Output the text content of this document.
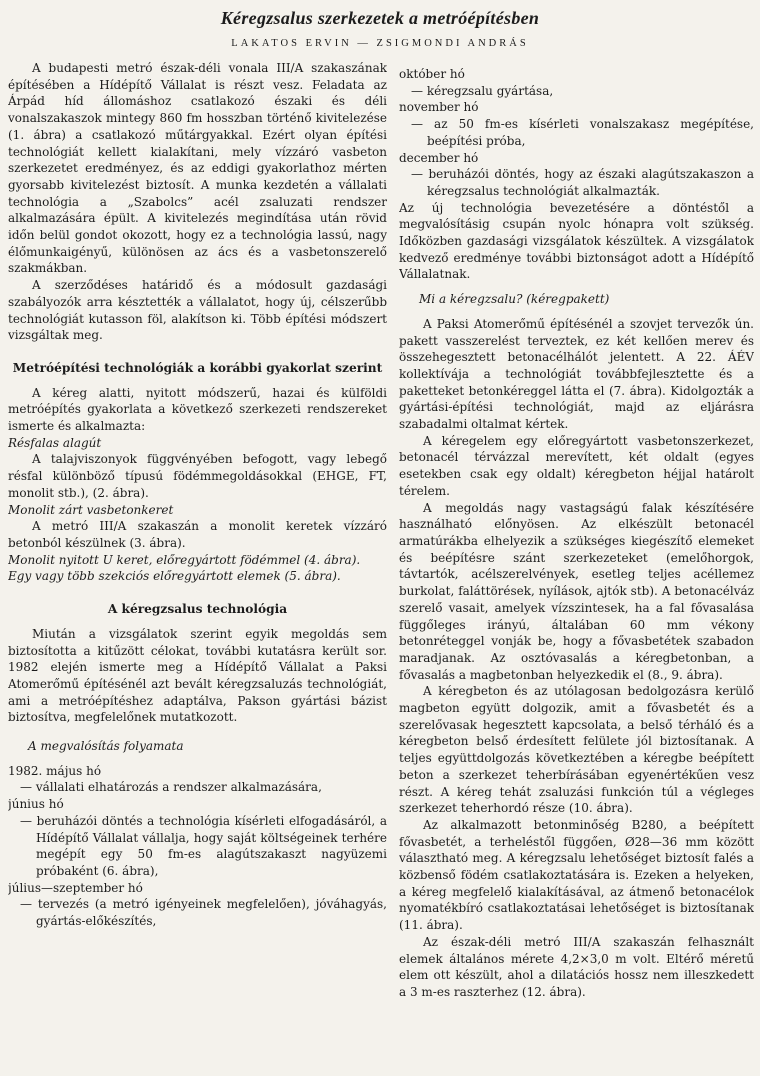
Kéregzsalus szerkezetek a metróépítésben
LAKATOS ERVIN — ZSIGMONDI ANDRÁS

A budapesti metró észak-déli vonala III/A szakaszának építésében a Hídépítő Vállalat is részt vesz. Feladata az Árpád híd állomáshoz csatlakozó északi és déli vonalszakaszok mintegy 860 fm hosszban történő kivitelezése (1. ábra) a csatlakozó műtárgyakkal. Ezért olyan építési technológiát kellett kialakítani, mely vízzáró vasbeton szerkezetet eredményez, és az eddigi gyakorlathoz mérten gyorsabb kivitelezést biztosít. A munka kezdetén a vállalati technológia a „Szabolcs” acél zsaluzati rendszer alkalmazására épült. A kivitelezés megindítása után rövid időn belül gondot okozott, hogy ez a technológia lassú, nagy élőmunkaigényű, különösen az ács és a vasbetonszerelő szakmákban.

A szerződéses határidő és a módosult gazdasági szabályozók arra késztették a vállalatot, hogy új, célszerűbb technológiát kutasson föl, alakítson ki. Több építési módszert vizsgáltak meg.

Metróépítési technológiák a korábbi gyakorlat szerint

A kéreg alatti, nyitott módszerű, hazai és külföldi metróépítés gyakorlata a következő szerkezeti rendszereket ismerte és alkalmazta:

Résfalas alagút

A talajviszonyok függvényében befogott, vagy lebegő résfal különböző típusú födémmegoldásokkal (EHGE, FT, monolit stb.), (2. ábra).

Monolit zárt vasbetonkeret

A metró III/A szakaszán a monolit keretek vízzáró betonból készülnek (3. ábra).

Monolit nyitott U keret, előregyártott födémmel (4. ábra).

Egy vagy több szekciós előregyártott elemek (5. ábra).

A kéregzsalus technológia

Miután a vizsgálatok szerint egyik megoldás sem biztosította a kitűzött célokat, további kutatásra került sor. 1982 elején ismerte meg a Hídépítő Vállalat a Paksi Atomerőmű építésénél azt bevált kéregzsaluzás technológiát, ami a metróépítéshez adaptálva, Pakson gyártási bázist biztosítva, megfelelőnek mutatkozott.

A megvalósítás folyamata

1982. május hó

— vállalati elhatározás a rendszer alkalmazására,

június hó

— beruházói döntés a technológia kísérleti elfogadásáról, a Hídépítő Vállalat vállalja, hogy saját költségeinek terhére megépít egy 50 fm-es alagútszakaszt nagyüzemi próbaként (6. ábra),

július—szeptember hó

— tervezés (a metró igényeinek megfelelően), jóváhagyás, gyártás-előkészítés,

október hó

— kéregzsalu gyártása,

november hó

— az 50 fm-es kísérleti vonalszakasz megépítése, beépítési próba,

december hó

— beruházói döntés, hogy az északi alagútszakaszon a kéregzsalus technológiát alkalmazták.

Az új technológia bevezetésére a döntéstől a megvalósításig csupán nyolc hónapra volt szükség. Időközben gazdasági vizsgálatok készültek. A vizsgálatok kedvező eredménye további biztonságot adott a Hídépítő Vállalatnak.

Mi a kéregzsalu? (kéregpakett)

A Paksi Atomerőmű építésénél a szovjet tervezők ún. pakett vasszerelést terveztek, ez két kellően merev és összehegesztett betonacélhálót jelentett. A 22. ÁÉV kollektívája a technológiát továbbfejlesztette és a paketteket betonkéreggel látta el (7. ábra). Kidolgozták a gyártási-építési technológiát, majd az eljárásra szabadalmi oltalmat kértek.

A kéregelem egy előregyártott vasbetonszerkezet, betonacél térvázzal merevített, két oldalt (egyes esetekben csak egy oldalt) kéregbeton héjjal határolt térelem.

A megoldás nagy vastagságú falak készítésére használható előnyösen. Az elkészült betonacél armatúrákba elhelyezik a szükséges kiegészítő elemeket és beépítésre szánt szerkezeteket (emelőhorgok, távtartók, acélszerelvények, esetleg teljes acéllemez burkolat, faláttörések, nyílások, ajtók stb). A betonacélváz szerelő vasait, amelyek vízszintesek, ha a fal fővasalása függőleges irányú, általában 60 mm vékony betonréteggel vonják be, hogy a fővasbetétek szabadon maradjanak. Az osztóvasalás a kéregbetonban, a fővasalás a magbetonban helyezkedik el (8., 9. ábra).

A kéregbeton és az utólagosan bedolgozásra kerülő magbeton együtt dolgozik, amit a fővasbetét és a szerelővasak hegesztett kapcsolata, a belső térháló és a kéregbeton belső érdesített felülete jól biztosítanak. A teljes együttdolgozás következtében a kéregbe beépített beton a szerkezet teherbírásában egyenértékűen vesz részt. A kéreg tehát zsaluzási funkción túl a végleges szerkezet teherhordó része (10. ábra).

Az alkalmazott betonminőség B280, a beépített fővasbetét, a terheléstől függően, Ø28—36 mm között választható meg. A kéregzsalu lehetőséget biztosít falés a közbenső födém csatlakoztatására is. Ezeken a helyeken, a kéreg megfelelő kialakításával, az átmenő betonacélok nyomatékbíró csatlakoztatásai lehetőséget is biztosítanak (11. ábra).

Az észak-déli metró III/A szakaszán felhasznált elemek általános mérete 4,2×3,0 m volt. Eltérő méretű elem ott készült, ahol a dilatációs hossz nem illeszkedett a 3 m-es raszterhez (12. ábra).
